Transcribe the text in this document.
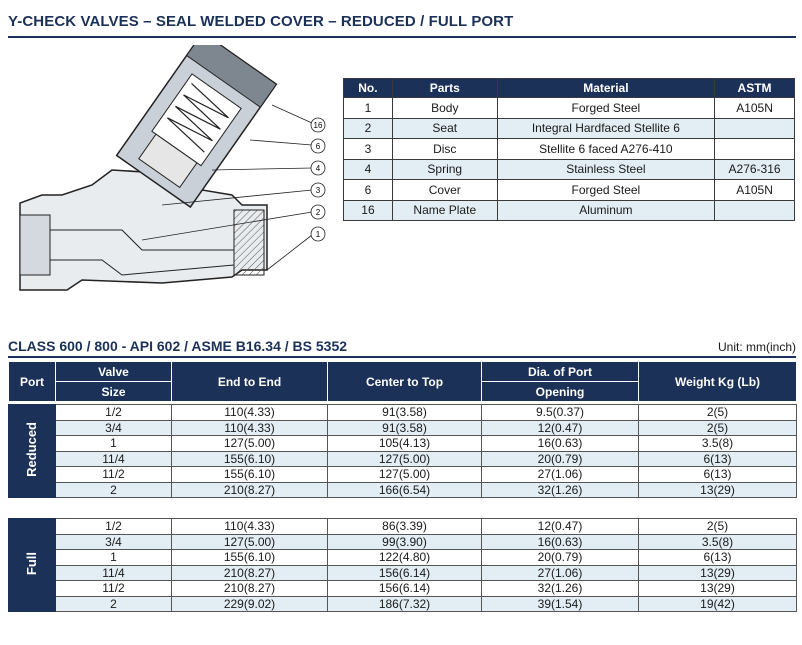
Y-CHECK VALVES – SEAL WELDED COVER – REDUCED / FULL PORT
16
6
4
3
2
1
No.	Parts	Material	ASTM
1	Body	Forged Steel	A105N
2	Seat	Integral Hardfaced Stellite 6	
3	Disc	Stellite 6 faced A276-410	
4	Spring	Stainless Steel	A276-316
6	Cover	Forged Steel	A105N
16	Name Plate	Aluminum	
CLASS 600 / 800 - API 602 / ASME B16.34 / BS 5352	Unit: mm(inch)
Port	Valve	End to End	Center to Top	Dia. of Port	Weight Kg (Lb)
	Size			Opening	
Reduced	1/2	110(4.33)	91(3.58)	9.5(0.37)	2(5)
	3/4	110(4.33)	91(3.58)	12(0.47)	2(5)
	1	127(5.00)	105(4.13)	16(0.63)	3.5(8)
	11/4	155(6.10)	127(5.00)	20(0.79)	6(13)
	11/2	155(6.10)	127(5.00)	27(1.06)	6(13)
	2	210(8.27)	166(6.54)	32(1.26)	13(29)
Full	1/2	110(4.33)	86(3.39)	12(0.47)	2(5)
	3/4	127(5.00)	99(3.90)	16(0.63)	3.5(8)
	1	155(6.10)	122(4.80)	20(0.79)	6(13)
	11/4	210(8.27)	156(6.14)	27(1.06)	13(29)
	11/2	210(8.27)	156(6.14)	32(1.26)	13(29)
	2	229(9.02)	186(7.32)	39(1.54)	19(42)
